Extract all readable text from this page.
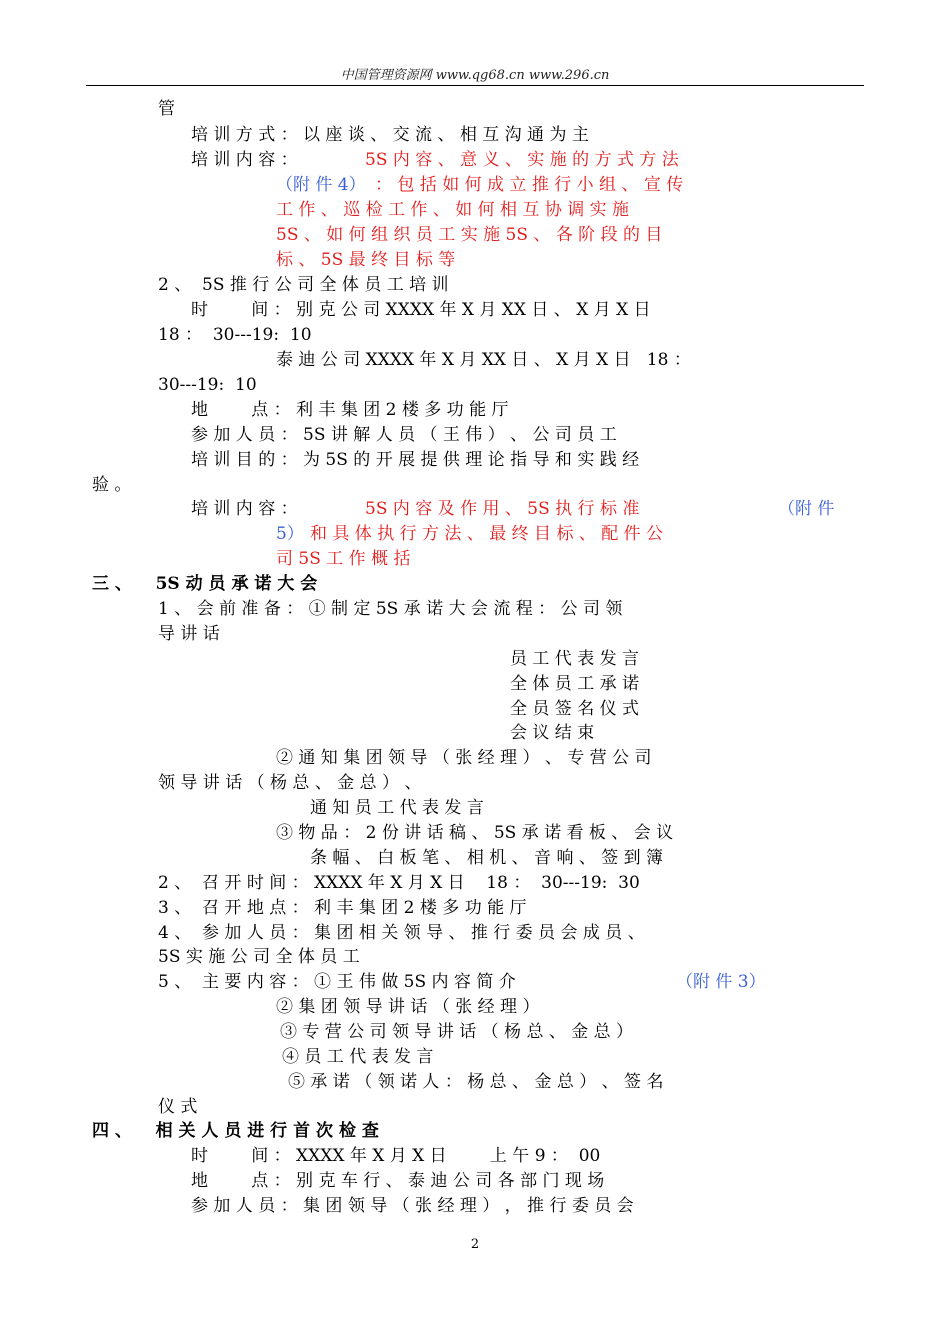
中国管理资源网 www.qg68.cn www.296.cn
管
培 训 方 式 ： 以 座 谈 、 交 流 、 相 互 沟 通 为 主
培 训 内 容 ：	5S 内 容 、 意 义 、 实 施 的 方 式 方 法
（附 件 4） ： 包 括 如 何 成 立 推 行 小 组 、 宣 传
工 作 、 巡 检 工 作 、 如 何 相 互 协 调 实 施
5S 、 如 何 组 织 员 工 实 施 5S 、 各 阶 段 的 目
标 、 5S 最 终 目 标 等
2 、  5S 推 行 公 司 全 体 员 工 培 训
时        间 ： 别 克 公 司 XXXX 年 X 月 XX 日 、 X 月 X 日
18 ：  30---19:  10
泰 迪 公 司 XXXX 年 X 月 XX 日 、 X 月 X 日   18 ：
30---19:  10
地        点 ： 利 丰 集 团 2 楼 多 功 能 厅
参 加 人 员 ： 5S 讲 解 人 员 （ 王 伟 ） 、 公 司 员 工
培 训 目 的 ： 为 5S 的 开 展 提 供 理 论 指 导 和 实 践 经
验 。
培 训 内 容 ：	5S 内 容 及 作 用 、 5S 执 行 标 准	（附 件
5） 和 具 体 执 行 方 法 、 最 终 目 标 、 配 件 公
司 5S 工 作 概 括
三 、    5S 动 员 承 诺 大 会
1 、 会 前 准 备 ： ① 制 定 5S 承 诺 大 会 流 程 ： 公 司 领
导 讲 话
员 工 代 表 发 言
全 体 员 工 承 诺
全 员 签 名 仪 式
会 议 结 束
② 通 知 集 团 领 导 （ 张 经 理 ） 、 专 营 公 司
领 导 讲 话 （ 杨 总 、 金 总 ） 、
通 知 员 工 代 表 发 言
③ 物 品 ： 2 份 讲 话 稿 、 5S 承 诺 看 板 、 会 议
条 幅 、 白 板 笔 、 相 机 、 音 响 、 签 到 簿
2 、  召 开 时 间 ： XXXX 年 X 月 X 日    18 ：  30---19:  30
3 、  召 开 地 点 ： 利 丰 集 团 2 楼 多 功 能 厅
4 、  参 加 人 员 ： 集 团 相 关 领 导 、 推 行 委 员 会 成 员 、
5S 实 施 公 司 全 体 员 工
5 、  主 要 内 容 ： ① 王 伟 做 5S 内 容 简 介	（附 件 3）
② 集 团 领 导 讲 话 （ 张 经 理 ）
③ 专 营 公 司 领 导 讲 话 （ 杨 总 、 金 总 ）
④ 员 工 代 表 发 言
⑤ 承 诺 （ 领 诺 人 ： 杨 总 、 金 总 ） 、 签 名
仪 式
四 、    相 关 人 员 进 行 首 次 检 查
时        间 ： XXXX 年 X 月 X 日        上 午 9 ：  00
地        点 ： 别 克 车 行 、 泰 迪 公 司 各 部 门 现 场
参 加 人 员 ： 集 团 领 导 （ 张 经 理 ） ， 推 行 委 员 会
2
